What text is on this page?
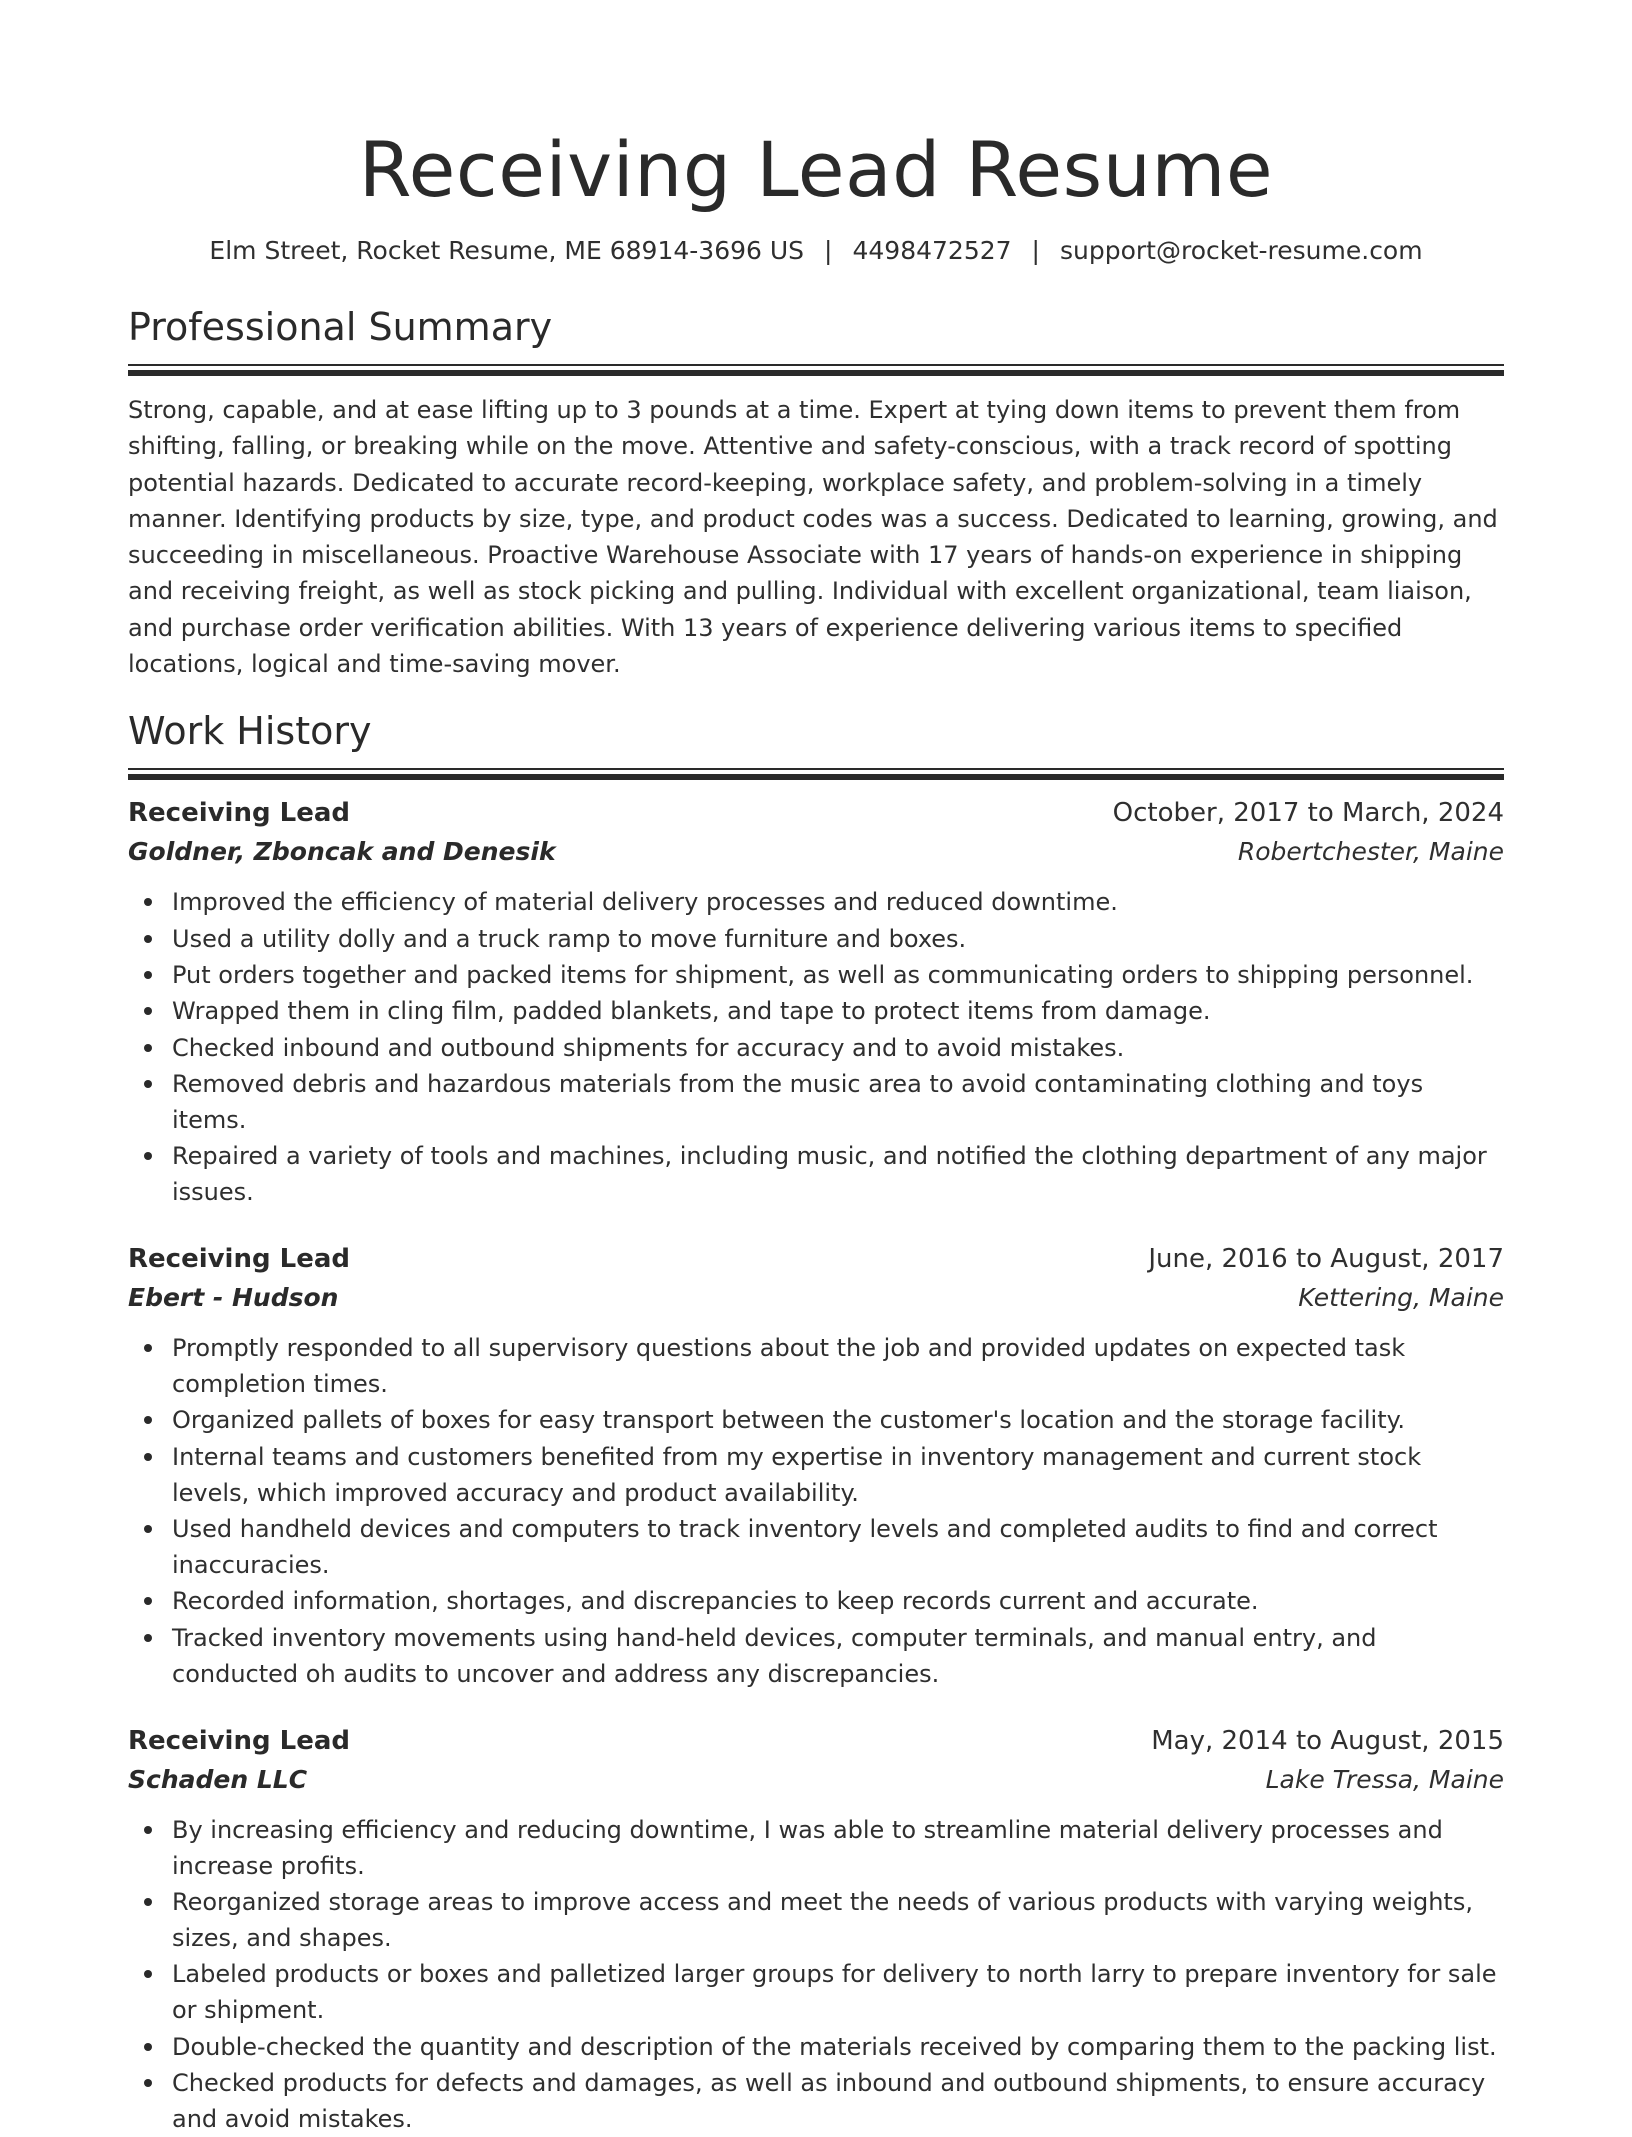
Receiving Lead Resume
Elm Street, Rocket Resume, ME 68914-3696 US | 4498472527 | support@rocket-resume.com
Professional Summary

Strong, capable, and at ease lifting up to 3 pounds at a time. Expert at tying down items to prevent them from shifting, falling, or breaking while on the move. Attentive and safety-conscious, with a track record of spotting potential hazards. Dedicated to accurate record-keeping, workplace safety, and problem-solving in a timely manner. Identifying products by size, type, and product codes was a success. Dedicated to learning, growing, and succeeding in miscellaneous. Proactive Warehouse Associate with 17 years of hands-on experience in shipping and receiving freight, as well as stock picking and pulling. Individual with excellent organizational, team liaison, and purchase order verification abilities. With 13 years of experience delivering various items to specified locations, logical and time-saving mover.

Work History
Receiving Lead	October, 2017 to March, 2024
Goldner, Zboncak and Denesik	Robertchester, Maine
Improved the efficiency of material delivery processes and reduced downtime.
Used a utility dolly and a truck ramp to move furniture and boxes.
Put orders together and packed items for shipment, as well as communicating orders to shipping personnel.
Wrapped them in cling film, padded blankets, and tape to protect items from damage.
Checked inbound and outbound shipments for accuracy and to avoid mistakes.
Removed debris and hazardous materials from the music area to avoid contaminating clothing and toys items.
Repaired a variety of tools and machines, including music, and notified the clothing department of any major issues.
Receiving Lead	June, 2016 to August, 2017
Ebert - Hudson	Kettering, Maine
Promptly responded to all supervisory questions about the job and provided updates on expected task completion times.
Organized pallets of boxes for easy transport between the customer's location and the storage facility.
Internal teams and customers benefited from my expertise in inventory management and current stock levels, which improved accuracy and product availability.
Used handheld devices and computers to track inventory levels and completed audits to find and correct inaccuracies.
Recorded information, shortages, and discrepancies to keep records current and accurate.
Tracked inventory movements using hand-held devices, computer terminals, and manual entry, and conducted oh audits to uncover and address any discrepancies.
Receiving Lead	May, 2014 to August, 2015
Schaden LLC	Lake Tressa, Maine
By increasing efficiency and reducing downtime, I was able to streamline material delivery processes and increase profits.
Reorganized storage areas to improve access and meet the needs of various products with varying weights, sizes, and shapes.
Labeled products or boxes and palletized larger groups for delivery to north larry to prepare inventory for sale or shipment.
Double-checked the quantity and description of the materials received by comparing them to the packing list.
Checked products for defects and damages, as well as inbound and outbound shipments, to ensure accuracy and avoid mistakes.
